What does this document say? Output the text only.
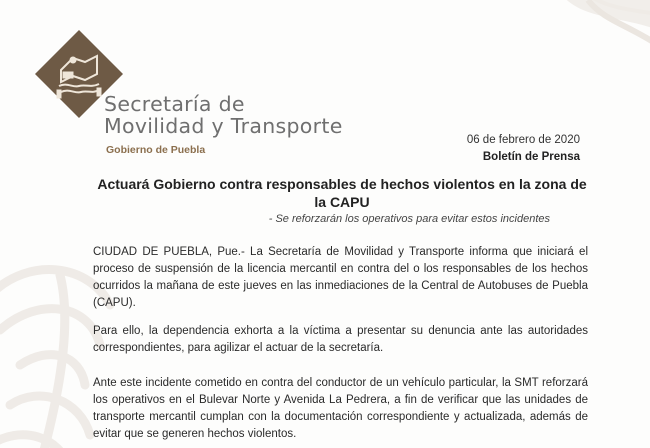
Secretaría de
Movilidad y Transporte
Gobierno de Puebla
06 de febrero de 2020
Boletín de Prensa
Actuará Gobierno contra responsables de hechos violentos en la zona de la CAPU
- Se reforzarán los operativos para evitar estos incidentes

CIUDAD DE PUEBLA, Pue.- La Secretaría de Movilidad y Transporte informa que iniciará el proceso de suspensión de la licencia mercantil en contra del o los responsables de los hechos ocurridos la mañana de este jueves en las inmediaciones de la Central de Autobuses de Puebla (CAPU).

Para ello, la dependencia exhorta a la víctima a presentar su denuncia ante las autoridades correspondientes, para agilizar el actuar de la secretaría.

Ante este incidente cometido en contra del conductor de un vehículo particular, la SMT reforzará los operativos en el Bulevar Norte y Avenida La Pedrera, a fin de verificar que las unidades de transporte mercantil cumplan con la documentación correspondiente y actualizada, además de evitar que se generen hechos violentos.
